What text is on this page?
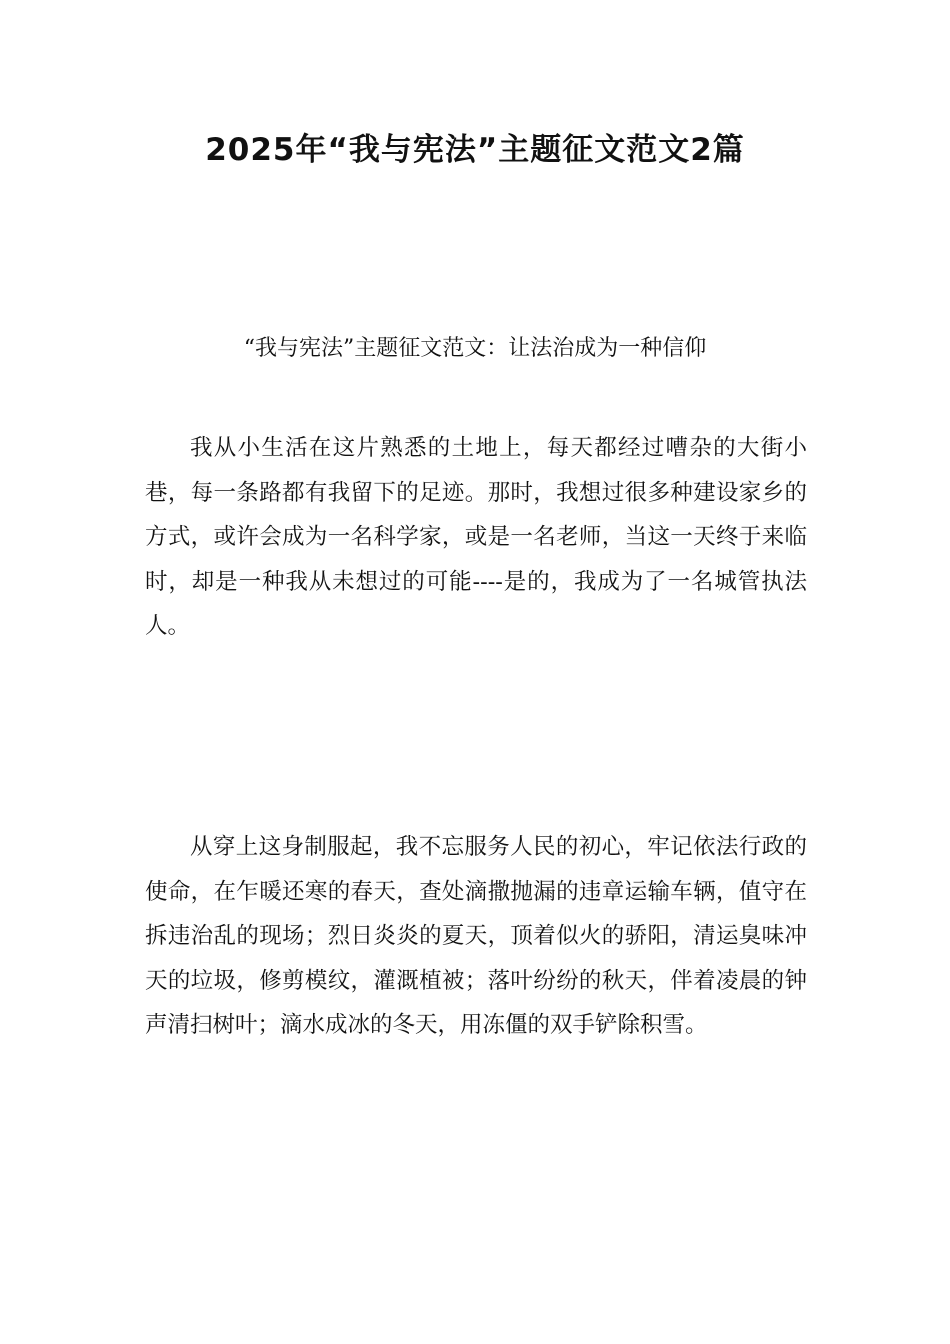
2025年“我与宪法”主题征文范文2篇

“我与宪法”主题征文范文：让法治成为一种信仰

我从小生活在这片熟悉的土地上，每天都经过嘈杂的大街小巷，每一条路都有我留下的足迹。那时，我想过很多种建设家乡的方式，或许会成为一名科学家，或是一名老师，当这一天终于来临时，却是一种我从未想过的可能----是的，我成为了一名城管执法人。

从穿上这身制服起，我不忘服务人民的初心，牢记依法行政的使命，在乍暖还寒的春天，查处滴撒抛漏的违章运输车辆，值守在拆违治乱的现场；烈日炎炎的夏天，顶着似火的骄阳，清运臭味冲天的垃圾，修剪模纹，灌溉植被；落叶纷纷的秋天，伴着凌晨的钟声清扫树叶；滴水成冰的冬天，用冻僵的双手铲除积雪。
